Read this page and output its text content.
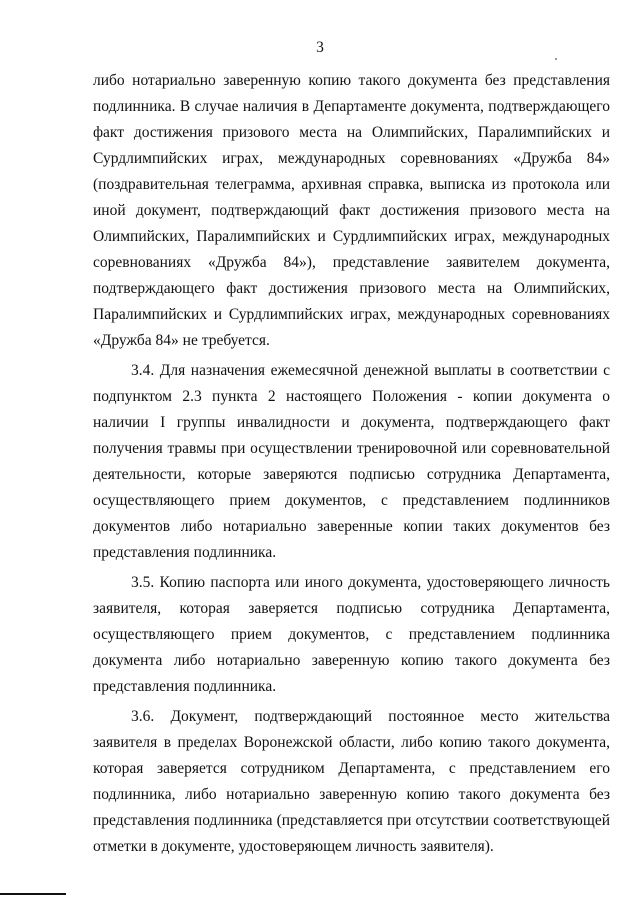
3

либо нотариально заверенную копию такого документа без представления подлинника. В случае наличия в Департаменте документа, подтверждающего факт достижения призового места на Олимпийских, Паралимпийских и Сурдлимпийских играх, международных соревнованиях «Дружба 84» (поздравительная телеграмма, архивная справка, выписка из протокола или иной документ, подтверждающий факт достижения призового места на Олимпийских, Паралимпийских и Сурдлимпийских играх, международных соревнованиях «Дружба 84»), представление заявителем документа, подтверждающего факт достижения призового места на Олимпийских, Паралимпийских и Сурдлимпийских играх, международных соревнованиях «Дружба 84» не требуется.

3.4. Для назначения ежемесячной денежной выплаты в соответствии с подпунктом 2.3 пункта 2 настоящего Положения - копии документа о наличии I группы инвалидности и документа, подтверждающего факт получения травмы при осуществлении тренировочной или соревновательной деятельности, которые заверяются подписью сотрудника Департамента, осуществляющего прием документов, с представлением подлинников документов либо нотариально заверенные копии таких документов без представления подлинника.

3.5. Копию паспорта или иного документа, удостоверяющего личность заявителя, которая заверяется подписью сотрудника Департамента, осуществляющего прием документов, с представлением подлинника документа либо нотариально заверенную копию такого документа без представления подлинника.

3.6. Документ, подтверждающий постоянное место жительства заявителя в пределах Воронежской области, либо копию такого документа, которая заверяется сотрудником Департамента, с представлением его подлинника, либо нотариально заверенную копию такого документа без представления подлинника (представляется при отсутствии соответствующей отметки в документе, удостоверяющем личность заявителя).
